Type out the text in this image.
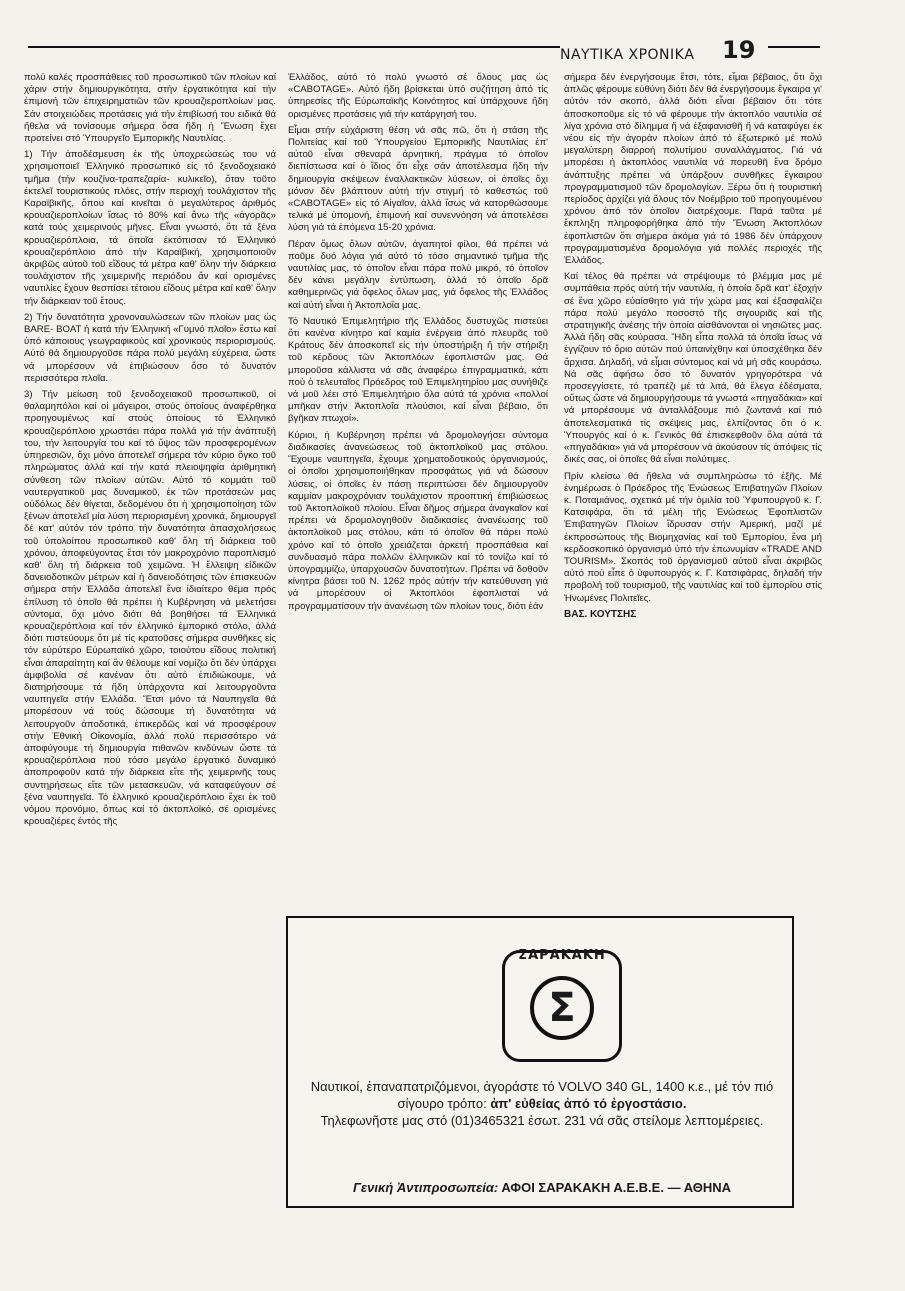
ΝΑΥΤΙΚΑ ΧΡΟΝΙΚΑ 19

πολύ καλές προσπάθειες τοῦ προσωπικοῦ τῶν πλοίων καί χάριν στήν δημιουργικότητα, στήν ἐργατικότητα καί τήν ἐπιμονή τῶν ἐπιχειρηματιῶν τῶν κρουαζιεροπλοίων μας. Σάν στοιχειώδεις προτάσεις γιά τήν ἐπιβίωσή του ειδικά θά ἤθελα νά τονίσουμε σήμερα ὅσα ἤδη ἡ Ἕνωση ἔχει προτείνει στό Ὑπουργεῖο Ἐμπορικῆς Ναυτιλίας.

1) Τήν ἀποδέσμευση ἐκ τῆς ὑποχρεώσεώς του νά χρησιμοποιεῖ Ἑλληνικό προσωπικό εἰς τό ξενοδοχειακό τμῆμα (τήν κουζίνα-τραπεζαρία- κυλικεῖο), ὅταν τοῦτο ἐκτελεῖ τουριστικούς πλόες, στήν περιοχή τουλάχιστον τῆς Καραϊβικῆς, ὅπου καί κινεῖται ὁ μεγαλύτερος ἀριθμός κρουαζιεροπλοίων ἴσως τό 80% καί ἄνω τῆς «ἀγορᾶς» κατά τούς χειμερινούς μῆνες. Εἶναι γνωστό, ὅτι τά ξένα κρουαζιερόπλοια, τά ὁποῖα ἐκτόπισαν τό Ἑλληνικό κρουαζιερόπλοιο ἀπό τήν Καραϊβική, χρησιμοποιοῦν ἀκριβῶς αὐτοῦ τοῦ εἴδους τά μέτρα καθ' ὅλην τήν διάρκεια τουλάχιστον τῆς χειμερινῆς περιόδου ἄν καί ορισμένες ναυτιλίες ἔχουν θεσπίσει τέτοιου εἴδους μέτρα καί καθ' ὅλην τήν διάρκειαν τοῦ ἔτους.

2) Τήν δυνατότητα χρονοναυλώσεων τῶν πλοίων μας ὡς BARE- BOAT ἡ κατά τήν Ἑλληνική «Γυμνό πλοῖο» ἔστω καί ὑπό κάποιους γεωγραφικούς καί χρονικούς περιορισμούς. Αὐτό θά δημιουργοῦσε πάρα πολύ μεγάλη εὐχέρεια, ὥστε νά μπορέσουν νά ἐπιβιώσουν ὅσο τό δυνατόν περισσότερα πλοῖα.

3) Τήν μείωση τοῦ ξενοδοχειακοῦ προσωπικοῦ, οἱ θαλαμηπόλοι καί οἱ μάγειροι, στούς ὁποίους ἀναφέρθηκα προηγουμένως καί στούς ὁποίους τό Ἑλληνικό κρουαζιερόπλοιο χρωστάει πάρα πολλά γιά τήν ἀνάπτυξή του, τήν λειτουργία του καί τό ὕψος τῶν προσφερομένων ὑπηρεσιῶν, ὄχι μόνο ἀποτελεῖ σήμερα τόν κύριο ὄγκο τοῦ πληρώματος ἀλλά καί τήν κατά πλειοψηφία ἀριθμητική σύνθεση τῶν πλοίων αὐτῶν. Αὐτό τό κομμάτι τοῦ ναυτεργατικοῦ μας δυναμικοῦ, ἐκ τῶν προτάσεών μας οὐδόλως δέν θίγεται, δεδομένου ὅτι ἡ χρησιμοποίηση τῶν ξένων ἀποτελεῖ μία λύση περιορισμένη χρονικά, δημιουργεῖ δέ κατ' αὐτόν τόν τρόπο τήν δυνατότητα ἀπασχολήσεως τοῦ ὑπολοίπου προσωπικοῦ καθ' ὅλη τή διάρκεια τοῦ χρόνου, ἀποφεύγοντας ἔτσι τόν μακροχρόνιο παροπλισμό καθ' ὅλη τή διάρκεια τοῦ χειμῶνα. Ἡ ἔλλειψη εἰδικῶν δανειοδοτικῶν μέτρων καί ἡ δανειοδότησις τῶν ἐπισκευῶν σήμερα στήν Ἑλλάδα ἀποτελεῖ ἕνα ἰδιαίτερο θέμα πρός ἐπίλυση τό ὁποῖο θά πρέπει ἡ Κυβέρνηση νά μελετήσει σύντομα, ὄχι μόνο διότι θά βοηθήσει τά Ἑλληνικά κρουαζιερόπλοια καί τόν ἑλληνικό ἐμπορικό στόλο, ἀλλά διότι πιστεύουμε ὅτι μέ τίς κρατοῦσες σήμερα συνθῆκες εἰς τόν εὐρύτερο Εὐρωπαϊκό χῶρο, τοιούτου εἴδους πολιτική εἶναι ἀπαραίτητη καί ἄν θέλουμε καί νομίζω ὅτι δέν ὑπάρχει ἀμφιβολία σέ κανέναν ὅτι αὐτό ἐπιδιώκουμε, νά διατηρήσουμε τά ἤδη ὑπάρχοντα καί λειτουργοῦντα ναυπηγεῖα στήν Ἑλλάδα. Ἔτσι μόνο τά Ναυπηγεῖα θά μπορέσουν νά τούς δώσουμε τή δυνατότητα νά λειτουργοῦν ἀποδοτικά, ἐπικερδῶς καί νά προσφέρουν στήν Ἐθνική Οἰκονομία, ἀλλά πολύ περισσότερο νά ἀποφύγουμε τή δημιουργία πιθανῶν κινδύνων ὥστε τά κρουαζιερόπλοια πού τόσο μεγάλο ἐργατικό δυναμικό ἀποπροφοῦν κατά τήν διάρκεια εἴτε τῆς χειμερινῆς τους συντηρήσεως εἴτε τῶν μετασκευῶν, νά καταφεύγουν σέ ξένα ναυπηγεῖα. Τό ἑλληνικό κρουαζιερόπλοιο ἔχει ἐκ τοῦ νόμου προνόμιο, ὅπως καί τό ἀκτοπλοϊκό, σέ ορισμένες κρουαζιέρες ἐντός τῆς

Ἑλλάδος, αὐτό τό πολύ γνωστό σέ ὅλους μας ὡς «CABOTAGE». Αὐτό ἤδη βρίσκεται ὑπό συζήτηση ἀπό τίς ὑπηρεσίες τῆς Εὐρωπαϊκῆς Κοινότητος καί ὑπάρχουνε ἤδη ορισμένες προτάσεις γιά τήν κατάργησή του.

Εἶμαι στήν εὐχάριστη θέση νά σᾶς πῶ, ὅτι ἡ στάση τῆς Πολιτείας καί τοῦ Ὑπουργείου Ἐμπορικῆς Ναυτιλίας ἐπ' αὐτοῦ εἶναι σθεναρά ἀρνητική, πράγμα τό ὁποῖον διεπίστωσα καί ὁ ἴδιος ὅτι εἶχε σάν ἀποτέλεσμα ἤδη τήν δημιουργία σκέψεων ἐναλλακτικῶν λύσεων, οἱ ὁποῖες ὄχι μόνον δέν βλάπτουν αὐτή τήν στιγμή τό καθεστώς τοῦ «CABOTAGE» εἰς τό Αἰγαῖον, ἀλλά ἴσως νά κατορθώσουμε τελικά μέ ὑπομονή, ἐπιμονή καί συνεννόηση νά ἀποτελέσει λύση γιά τά ἑπόμενα 15-20 χρόνια.

Πέραν ὅμως ὅλων αὐτῶν, ἀγαπητοί φίλοι, θά πρέπει νά ποῦμε δυό λόγια γιά αὐτό τό τόσο σημαντικό τμῆμα τῆς ναυτιλίας μας, τό ὁποῖον εἶναι πάρα πολύ μικρό, τό ὁποῖον δέν κάνει μεγάλην ἐντύπωση, ἀλλά τό ὁποῖο δρᾶ καθημερινῶς γιά ὄφελος ὅλων μας, γιά ὄφελος τῆς Ἑλλάδος καί αὐτή εἶναι ἡ Ἀκτοπλοΐα μας.

Τό Ναυτικό Ἐπιμελητήριο τῆς Ἑλλάδος δυστυχῶς πιστεύει ὅτι κανένα κίνητρο καί καμία ἐνέργεια ἀπό πλευρᾶς τοῦ Κράτους δέν ἀποσκοπεῖ εἰς τήν ὑποστήριξη ἤ τήν στήριξη τοῦ κέρδους τῶν Ἀκτοπλόων ἐφοπλιστῶν μας. Θά μποροῦσα κάλλιστα νά σᾶς ἀναφέρω ἐπιγραμματικά, κάτι πού ὁ τελευταῖος Πρόεδρος τοῦ Ἐπιμελητηρίου μας συνήθιζε νά μοῦ λέει στό Ἐπιμελητήριο ὅλα αὐτά τά χρόνια «πολλοί μπῆκαν στήν Ἀκτοπλοΐα πλούσιοι, καί εἶναι βέβαιο, ὅτι βγῆκαν πτωχοί».

Κύριοι, ἡ Κυβέρνηση πρέπει νά δρομολογήσει σύντομα διαδικασίες ἀνανεώσεως τοῦ ἀκτοπλοϊκοῦ μας στόλου. Ἔχουμε ναυπηγεῖα, ἔχουμε χρηματοδοτικούς ὀργανισμούς, οἱ ὁποῖοι χρησιμοποιήθηκαν προσφάτως γιά νά δώσουν λύσεις, οἱ ὁποῖες ἐν πάσῃ περιπτώσει δέν δημιουργοῦν καμμίαν μακροχρόνιαν τουλάχιστον προοπτική ἐπιβιώσεως τοῦ Ἀκτοπλοϊκοῦ πλοίου. Εἶναι δῆμος σήμερα ἀναγκαῖον καί πρέπει νά δρομολογηθοῦν διαδικασίες ἀνανέωσης τοῦ ἀκτοπλοϊκοῦ μας στόλου, κάτι τό ὁποῖον θά πάρει πολύ χρόνο καί τό ὁποῖο χρειάζεται ἀρκετή προσπάθεια καί συνδυασμό πάρα πολλῶν ἑλληνικῶν καί τό τονίζω καί τό ὑπογραμμίζω, ὑπαρχουσῶν δυνατοτήτων. Πρέπει νά δοθοῦν κίνητρα βάσει τοῦ Ν. 1262 πρός αὐτήν τήν κατεύθυνση γιά νά μπορέσουν οἱ Ἀκτοπλόοι ἐφοπλισταί νά προγραμματίσουν τήν ἀνανέωση τῶν πλοίων τους, διότι ἐάν

σήμερα δέν ἐνεργήσουμε ἔτσι, τότε, εἶμαι βέβαιος, ὅτι ὄχι ἁπλῶς φέρουμε εὐθύνη διότι δέν θά ἐνεργήσουμε ἔγκαιρα γι' αὐτόν τόν σκοπό, ἀλλά διότι εἶναι βέβαιον ὅτι τότε ἀποσκοποῦμε εἰς τό νά φέρουμε τήν ἀκτοπλόο ναυτιλία σέ λίγα χρόνια στό δίλημμα ἤ νά ἐξαφανισθῆ ἤ νά καταφύγει ἐκ νέου εἰς τήν ἀγοράν πλοίων ἀπό τό ἐξωτερικό μέ πολύ μεγαλύτερη διαρροή πολυτίμου συναλλάγματος. Γιά νά μπορέσει ἡ ἀκτοπλόος ναυτιλία νά πορευθῆ ἕνα δρόμο ἀνάπτυξης πρέπει νά ὑπάρξουν συνθῆκες ἔγκαιρου προγραμματισμοῦ τῶν δρομολογίων. Ξέρω ὅτι ἡ τουριστική περίοδος ἀρχίζει γιά ὅλους τόν Νοέμβριο τοῦ προηγουμένου χρόνου ἀπό τόν ὁποῖον διατρέχουμε. Παρά ταῦτα μέ ἔκπληξη πληροφορήθηκα ἀπό τήν Ἕνωση Ἀκτοπλόων ἐφοπλιστῶν ὅτι σήμερα ἀκόμα γιά τό 1986 δέν ὑπάρχουν προγραμματισμένα δρομολόγια γιά πολλές περιοχές τῆς Ἑλλάδος.

Καί τέλος θά πρέπει νά στρέψουμε τό βλέμμα μας μέ συμπάθεια πρός αὐτή τήν ναυτιλία, ἡ ὁποία δρᾶ κατ' ἐξοχήν σέ ἕνα χῶρο εὐαίσθητο γιά τήν χώρα μας καί ἐξασφαλίζει πάρα πολύ μεγάλο ποσοστό τῆς σιγουριᾶς καί τῆς στρατηγικῆς ἀνέσης τήν ὁποία αἰσθάνονται οἱ νησιῶτες μας. Ἀλλά ἤδη σᾶς κούρασα. Ἤδη εἶπα πολλά τά ὁποῖα ἴσως νά ἐγγίζουν τό ὅριο αὐτῶν πού ὑπαινίχθην καί ὑποσχέθηκα δέν ἄρχισα. Δηλαδή, νά εἶμαι σύντομος καί νά μή σᾶς κουράσω. Νά σᾶς ἀφήσω ὅσο τό δυνατόν γρηγορότερα νά προσεγγίσετε, τό τραπέζι μέ τά λιτά, θά ἔλεγα ἐδέσματα, οὕτως ὥστε νά δημιουργήσουμε τά γνωστά «πηγαδάκια» καί νά μπορέσουμε νά ἀνταλλάξουμε πιό ζωντανά καί πιό ἀποτελεσματικά τίς σκέψεις μας, ἐλπίζοντας ὅτι ὁ κ. Ὑπουργός καί ὁ κ. Γενικός θά ἐπισκεφθοῦν ὅλα αὐτά τά «πηγαδάκια» γιά νά μπορέσουν νά ἀκούσουν τίς ἀπόψεις τίς δικές σας, οἱ ὁποῖες θά εἶναι πολύτιμες.

Πρίν κλείσω θά ἤθελα νά συμπληρώσω τό ἑξῆς. Μέ ἐνημέρωσε ὁ Πρόεδρος τῆς Ἑνώσεως Ἐπιβατηγῶν Πλοίων κ. Ποταμιάνος, σχετικά μέ τήν ὁμιλία τοῦ Ὑφυπουργοῦ κ. Γ. Κατσιφάρα, ὅτι τά μέλη τῆς Ἑνώσεως Ἐφοπλιστῶν Ἐπιβατηγῶν Πλοίων ἵδρυσαν στήν Ἀμερική, μαζί μέ ἐκπροσώπους τῆς Βιομηχανίας καί τοῦ Ἐμπορίου, ἕνα μή κερδοσκοπικό ὀργανισμό ὑπό τήν ἐπωνυμίαν «TRADE AND TOURISM». Σκοπός τοῦ ὀργανισμοῦ αὐτοῦ εἶναι ἀκριβῶς αὐτό πού εἶπε ὁ ὑφυπουργός κ. Γ. Κατσιφάρας, δηλαδή τήν προβολή τοῦ τουρισμοῦ, τῆς ναυτιλίας καί τοῦ ἐμπορίου στίς Ἡνωμένες Πολιτεῖες.

ΒΑΣ. ΚΟΥΤΣΗΣ
ΣΑΡΑΚΑΚΗ
Σ
Ναυτικοί, ἐπαναπατριζόμενοι, ἀγοράστε τό VOLVO 340 GL, 1400 κ.ε., μέ τόν πιό σίγουρο τρόπο: ἀπ' εὐθείας ἀπό τό ἐργοστάσιο.
Τηλεφωνῆστε μας στό (01)3465321 ἐσωτ. 231 νά σᾶς στείλομε λεπτομέρειες.
Γενική Ἀντιπροσωπεία: ΑΦΟΙ ΣΑΡΑΚΑΚΗ Α.Ε.Β.Ε. — ΑΘΗΝΑ
